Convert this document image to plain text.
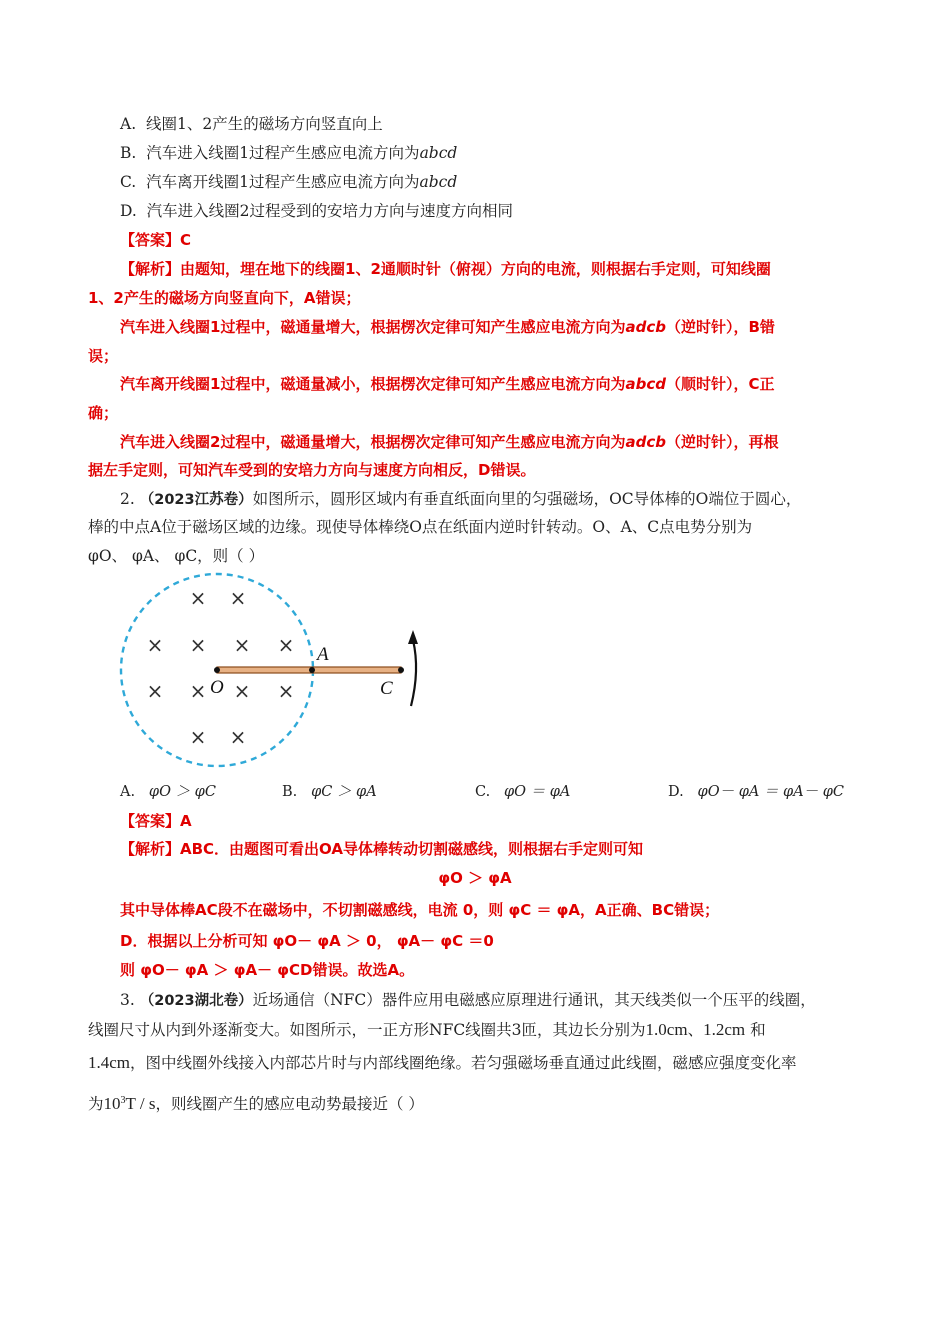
A. 线圈1、2产生的磁场方向竖直向上
B. 汽车进入线圈1过程产生感应电流方向为abcd
C. 汽车离开线圈1过程产生感应电流方向为abcd
D. 汽车进入线圈2过程受到的安培力方向与速度方向相同
【答案】C
【解析】由题知，埋在地下的线圈1、2通顺时针（俯视）方向的电流，则根据右手定则，可知线圈
1、2产生的磁场方向竖直向下，A错误；
汽车进入线圈1过程中，磁通量增大，根据楞次定律可知产生感应电流方向为adcb（逆时针），B错
误；
汽车离开线圈1过程中，磁通量减小，根据楞次定律可知产生感应电流方向为abcd（顺时针），C正
确；
汽车进入线圈2过程中，磁通量增大，根据楞次定律可知产生感应电流方向为adcb（逆时针），再根
据左手定则，可知汽车受到的安培力方向与速度方向相反，D错误。
2. （2023江苏卷）如图所示，圆形区域内有垂直纸面向里的匀强磁场，OC导体棒的O端位于圆心，
棒的中点A位于磁场区域的边缘。现使导体棒绕O点在纸面内逆时针转动。O、A、C点电势分别为
φO、 φA、 φC，则（ ）
× ×
× × × ×
× × × ×
× ×
O
A
C
A. φO ＞ φC	B. φC ＞ φA	C. φO ＝ φA	D. φO－ φA ＝ φA－ φC
【答案】A
【解析】ABC．由题图可看出OA导体棒转动切割磁感线，则根据右手定则可知
φO ＞ φA
其中导体棒AC段不在磁场中，不切割磁感线，电流 0，则 φC ＝ φA，A正确、BC错误；
D．根据以上分析可知 φO－ φA ＞ 0， φA－ φC ＝0
则 φO－ φA ＞ φA－ φCD错误。故选A。
3. （2023湖北卷）近场通信（NFC）器件应用电磁感应原理进行通讯，其天线类似一个压平的线圈，
线圈尺寸从内到外逐渐变大。如图所示，一正方形NFC线圈共3匝，其边长分别为1.0cm、1.2cm 和
1.4cm，图中线圈外线接入内部芯片时与内部线圈绝缘。若匀强磁场垂直通过此线圈，磁感应强度变化率
为$10^3T$ / s，则线圈产生的感应电动势最接近（ ）
